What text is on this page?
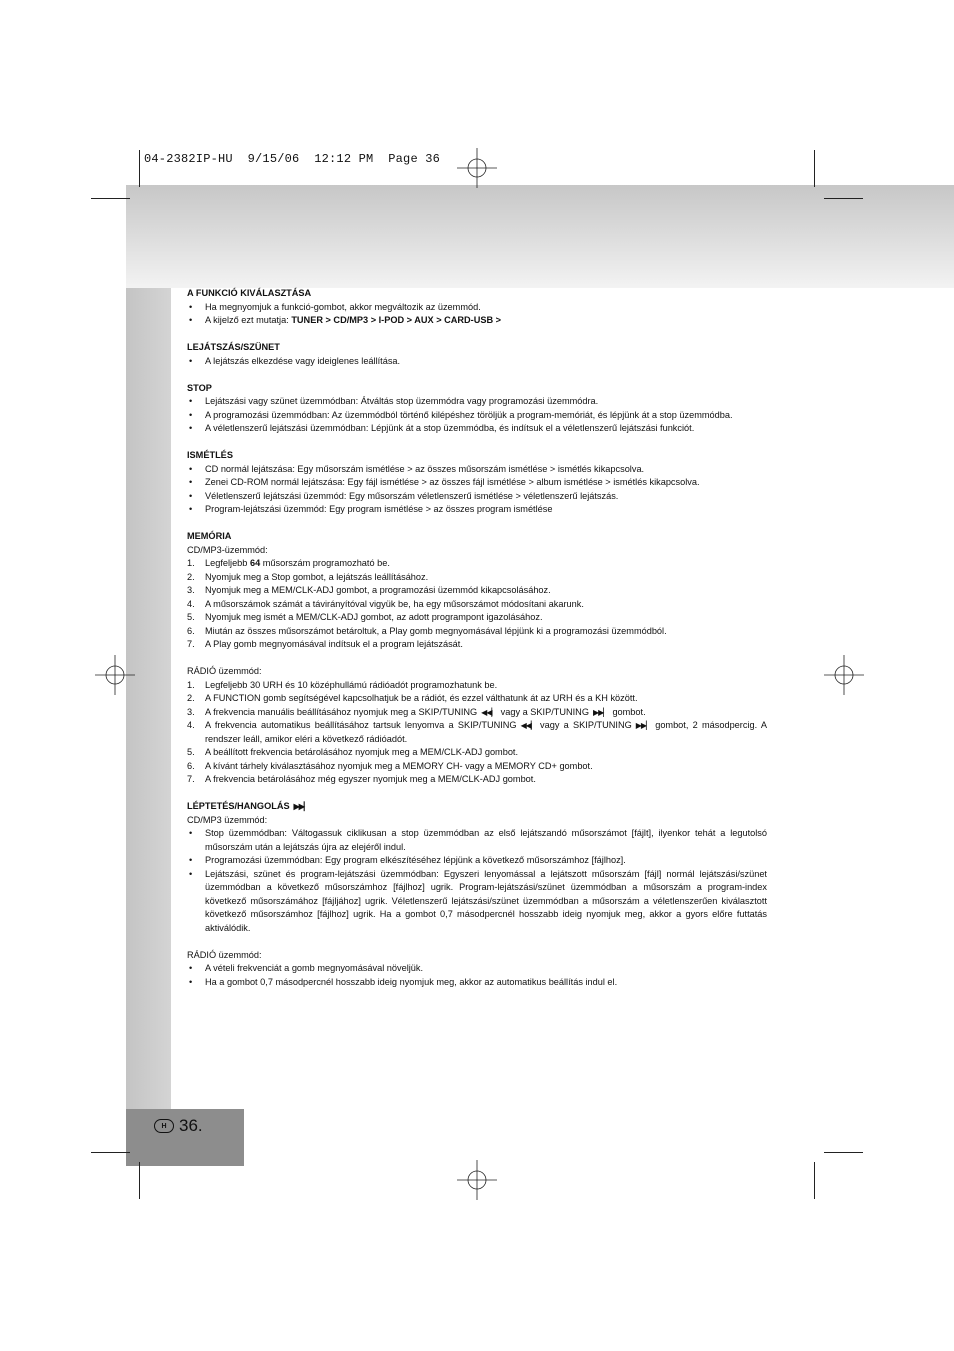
04-2382IP-HU  9/15/06  12:12 PM  Page 36
H 36.
A FUNKCIÓ KIVÁLASZTÁSA
• Ha megnyomjuk a funkció-gombot, akkor megváltozik az üzemmód.
• A kijelző ezt mutatja: TUNER > CD/MP3 > I-POD > AUX > CARD-USB >
LEJÁTSZÁS/SZÜNET
• A lejátszás elkezdése vagy ideiglenes leállítása.
STOP
• Lejátszási vagy szünet üzemmódban: Átváltás stop üzemmódra vagy programozási üzemmódra.
• A programozási üzemmódban: Az üzemmódból történő kilépéshez töröljük a program-memóriát, és lépjünk át a stop üzemmódba.
• A véletlenszerű lejátszási üzemmódban: Lépjünk át a stop üzemmódba, és indítsuk el a véletlenszerű lejátszási funkciót.
ISMÉTLÉS
• CD normál lejátszása: Egy műsorszám ismétlése > az összes műsorszám ismétlése > ismétlés kikapcsolva.
• Zenei CD-ROM normál lejátszása: Egy fájl ismétlése > az összes fájl ismétlése > album ismétlése > ismétlés kikapcsolva.
• Véletlenszerű lejátszási üzemmód: Egy műsorszám véletlenszerű ismétlése > véletlenszerű lejátszás.
• Program-lejátszási üzemmód: Egy program ismétlése > az összes program ismétlése
MEMÓRIA
CD/MP3-üzemmód:
1. Legfeljebb 64 műsorszám programozható be.
2. Nyomjuk meg a Stop gombot, a lejátszás leállításához.
3. Nyomjuk meg a MEM/CLK-ADJ gombot, a programozási üzemmód kikapcsolásához.
4. A műsorszámok számát a távirányítóval vigyük be, ha egy műsorszámot módosítani akarunk.
5. Nyomjuk meg ismét a MEM/CLK-ADJ gombot, az adott programpont igazolásához.
6. Miután az összes műsorszámot betároltuk, a Play gomb megnyomásával lépjünk ki a programozási üzemmódból.
7. A Play gomb megnyomásával indítsuk el a program lejátszását.
RÁDIÓ üzemmód:
1. Legfeljebb 30 URH és 10 középhullámú rádióadót programozhatunk be.
2. A FUNCTION gomb segítségével kapcsolhatjuk be a rádiót, és ezzel válthatunk át az URH és a KH között.
3. A frekvencia manuális beállításához nyomjuk meg a SKIP/TUNING ◀◀▏ vagy a SKIP/TUNING ▶▶▏ gombot.
4. A frekvencia automatikus beállításához tartsuk lenyomva a SKIP/TUNING ◀◀▏ vagy a SKIP/TUNING ▶▶▏ gombot, 2 másodpercig. A rendszer leáll, amikor eléri a következő rádióadót.
5. A beállított frekvencia betárolásához nyomjuk meg a MEM/CLK-ADJ gombot.
6. A kívánt tárhely kiválasztásához nyomjuk meg a MEMORY CH- vagy a MEMORY CD+ gombot.
7. A frekvencia betárolásához még egyszer nyomjuk meg a MEM/CLK-ADJ gombot.
LÉPTETÉS/HANGOLÁS ▶▶▏
CD/MP3 üzemmód:
• Stop üzemmódban: Váltogassuk ciklikusan a stop üzemmódban az első lejátszandó műsorszámot [fájlt], ilyenkor tehát a legutolsó műsorszám után a lejátszás újra az elejéről indul.
• Programozási üzemmódban: Egy program elkészítéséhez lépjünk a következő műsorszámhoz [fájlhoz].
• Lejátszási, szünet és program-lejátszási üzemmódban: Egyszeri lenyomással a lejátszott műsorszám [fájl] normál lejátszási/szünet üzemmódban a következő műsorszámhoz [fájlhoz] ugrik. Program-lejátszási/szünet üzemmódban a műsorszám a program-index következő műsorszámához [fájljához] ugrik. Véletlenszerű lejátszási/szünet üzemmódban a műsorszám a véletlenszerűen kiválasztott következő műsorszámhoz [fájlhoz] ugrik. Ha a gombot 0,7 másodpercnél hosszabb ideig nyomjuk meg, akkor a gyors előre futtatás aktiválódik.
RÁDIÓ üzemmód:
• A vételi frekvenciát a gomb megnyomásával növeljük.
• Ha a gombot 0,7 másodpercnél hosszabb ideig nyomjuk meg, akkor az automatikus beállítás indul el.
